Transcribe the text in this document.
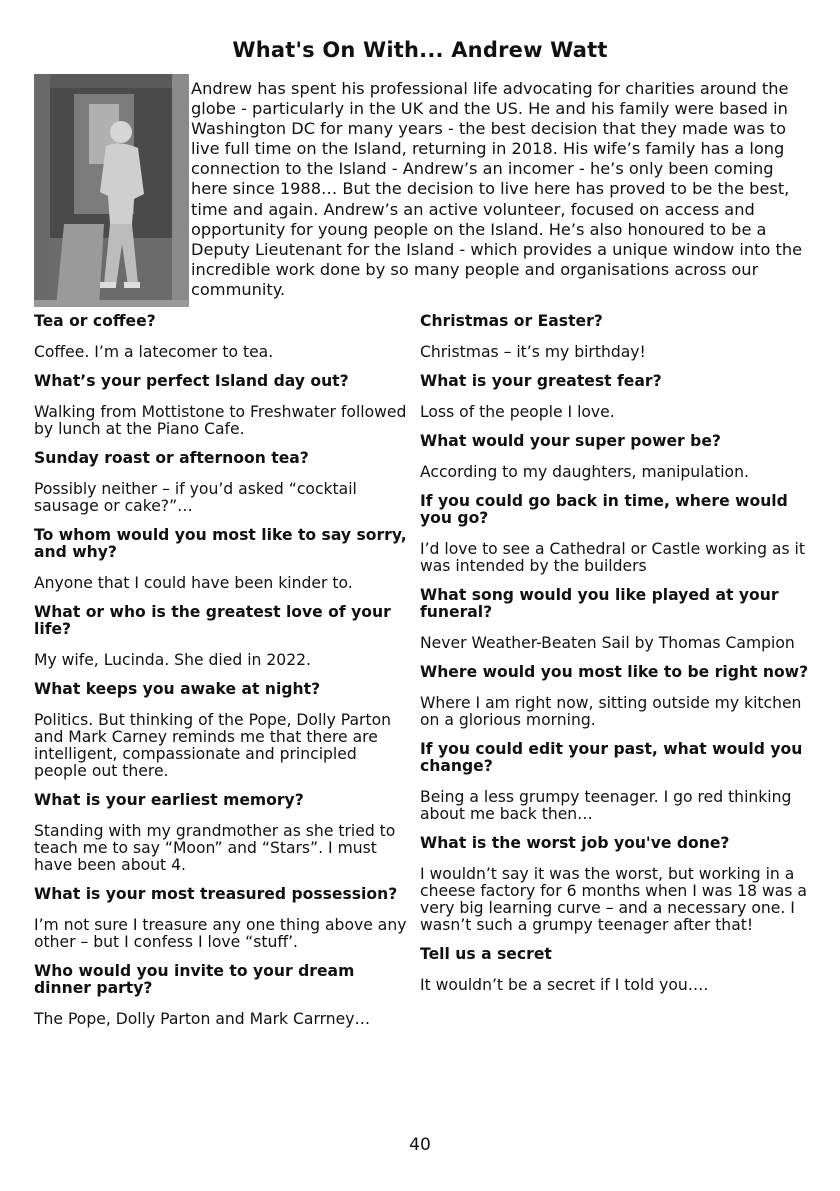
What's On With... Andrew Watt

Andrew has spent his professional life advocating for charities around the globe - particularly in the UK and the US. He and his family were based in Washington DC for many years - the best decision that they made was to live full time on the Island, returning in 2018. His wife’s family has a long connection to the Island - Andrew’s an incomer - he’s only been coming here since 1988… But the decision to live here has proved to be the best, time and again. Andrew’s an active volunteer, focused on access and opportunity for young people on the Island. He’s also honoured to be a Deputy Lieutenant for the Island - which provides a unique window into the incredible work done by so many people and organisations across our community.

Tea or coffee?

Coffee. I’m a latecomer to tea.

What’s your perfect Island day out?

Walking from Mottistone to Freshwater followed by lunch at the Piano Cafe.

Sunday roast or afternoon tea?

Possibly neither – if you’d asked “cocktail sausage or cake?”…

To whom would you most like to say sorry, and why?

Anyone that I could have been kinder to.

What or who is the greatest love of your life?

My wife, Lucinda. She died in 2022.

What keeps you awake at night?

Politics. But thinking of the Pope, Dolly Parton and Mark Carney reminds me that there are intelligent, compassionate and principled people out there.

What is your earliest memory?

Standing with my grandmother as she tried to teach me to say “Moon” and “Stars”. I must have been about 4.

What is your most treasured possession?

I’m not sure I treasure any one thing above any other – but I confess I love “stuff’.

Who would you invite to your dream dinner party?

The Pope, Dolly Parton and Mark Carrney…

Christmas or Easter?

Christmas – it’s my birthday!

What is your greatest fear?

Loss of the people I love.

What would your super power be?

According to my daughters, manipulation.

If you could go back in time, where would you go?

I’d love to see a Cathedral or Castle working as it was intended by the builders

What song would you like played at your funeral?

Never Weather-Beaten Sail by Thomas Campion

Where would you most like to be right now?

Where I am right now, sitting outside my kitchen on a glorious morning.

If you could edit your past, what would you change?

Being a less grumpy teenager. I go red thinking about me back then…

What is the worst job you've done?

I wouldn’t say it was the worst, but working in a cheese factory for 6 months when I was 18 was a very big learning curve – and a necessary one. I wasn’t such a grumpy teenager after that!

Tell us a secret

It wouldn’t be a secret if I told you….

40
